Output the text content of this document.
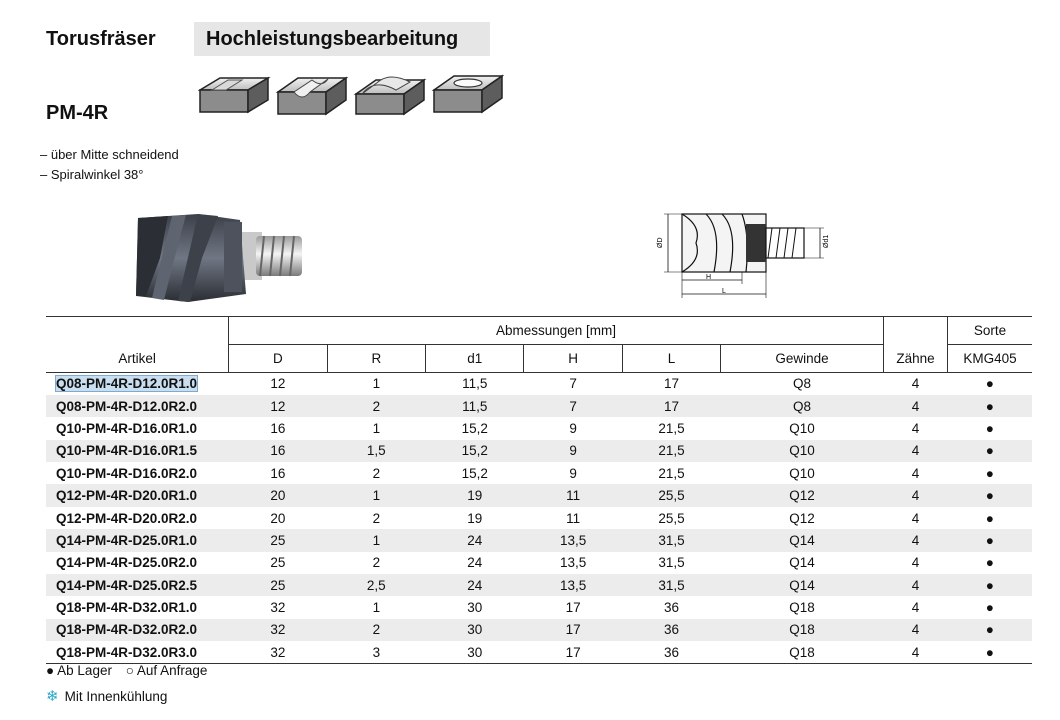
Torusfräser	Hochleistungsbearbeitung
PM-4R
– über Mitte schneidend
– Spiralwinkel 38°
ØD	Ød1
H
L
	Abmessungen [mm]							Sorte
Artikel	D	R	d1	H	L	Gewinde	Zähne	KMG405
Q08-PM-4R-D12.0R1.0	12	1	11,5	7	17	Q8	4	●
Q08-PM-4R-D12.0R2.0	12	2	11,5	7	17	Q8	4	●
Q10-PM-4R-D16.0R1.0	16	1	15,2	9	21,5	Q10	4	●
Q10-PM-4R-D16.0R1.5	16	1,5	15,2	9	21,5	Q10	4	●
Q10-PM-4R-D16.0R2.0	16	2	15,2	9	21,5	Q10	4	●
Q12-PM-4R-D20.0R1.0	20	1	19	11	25,5	Q12	4	●
Q12-PM-4R-D20.0R2.0	20	2	19	11	25,5	Q12	4	●
Q14-PM-4R-D25.0R1.0	25	1	24	13,5	31,5	Q14	4	●
Q14-PM-4R-D25.0R2.0	25	2	24	13,5	31,5	Q14	4	●
Q14-PM-4R-D25.0R2.5	25	2,5	24	13,5	31,5	Q14	4	●
Q18-PM-4R-D32.0R1.0	32	1	30	17	36	Q18	4	●
Q18-PM-4R-D32.0R2.0	32	2	30	17	36	Q18	4	●
Q18-PM-4R-D32.0R3.0	32	3	30	17	36	Q18	4	●
● Ab Lager ○ Auf Anfrage
❄ Mit Innenkühlung
